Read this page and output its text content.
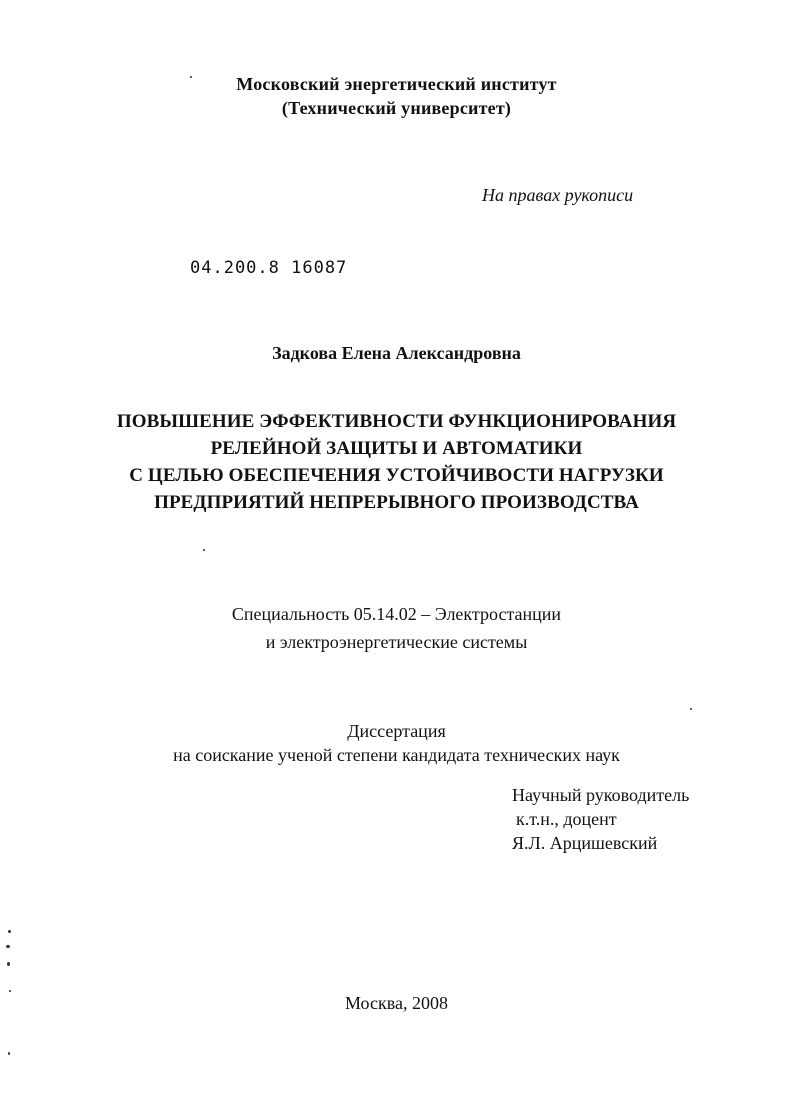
Московский энергетический институт
(Технический университет)
На правах рукописи
04.200.8 16087
Задкова Елена Александровна
ПОВЫШЕНИЕ ЭФФЕКТИВНОСТИ ФУНКЦИОНИРОВАНИЯ
РЕЛЕЙНОЙ ЗАЩИТЫ И АВТОМАТИКИ
С ЦЕЛЬЮ ОБЕСПЕЧЕНИЯ УСТОЙЧИВОСТИ НАГРУЗКИ
ПРЕДПРИЯТИЙ НЕПРЕРЫВНОГО ПРОИЗВОДСТВА
Специальность 05.14.02 – Электростанции
и электроэнергетические системы
Диссертация
на соискание ученой степени кандидата технических наук
Научный руководитель
к.т.н., доцент
Я.Л. Арцишевский
Москва, 2008
